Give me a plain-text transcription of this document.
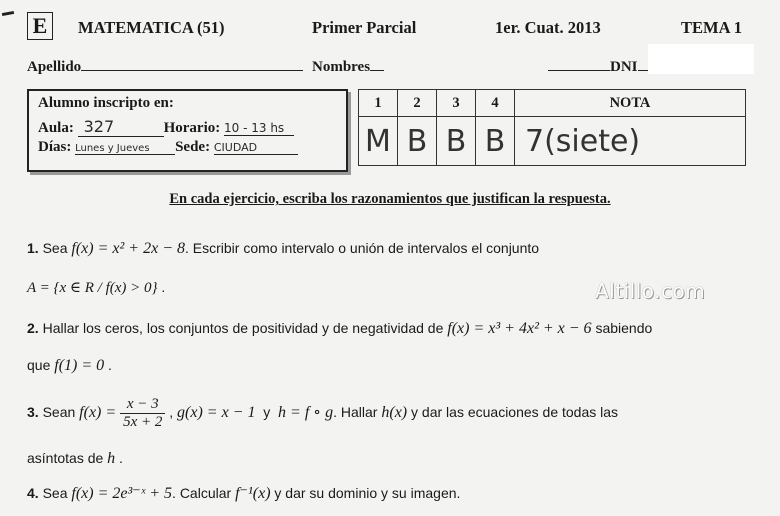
E	MATEMATICA (51)	Primer Parcial	1er. Cuat. 2013	TEMA 1
Apellido	Nombres	DNI
Alumno inscripto en:
Aula: 327	Horario: 10 - 13 hs
Días: Lunes y Jueves Sede: CIUDAD
1	2	3	4	NOTA
M	B	B	B	7(siete)
En cada ejercicio, escriba los razonamientos que justifican la respuesta.
1. Sea f(x) = x² + 2x − 8. Escribir como intervalo o unión de intervalos el conjunto
A = {x ∈ R / f(x) > 0} .
2. Hallar los ceros, los conjuntos de positividad y de negatividad de f(x) = x³ + 4x² + x − 6 sabiendo
que f(1) = 0 .
3. Sean $f(x) = \frac{x - 3}{5x + 2}$ , g(x) = x − 1 y h = f ∘ g. Hallar h(x) y dar las ecuaciones de todas las
asíntotas de h .
4. Sea f(x) = 2e³⁻ˣ + 5. Calcular f⁻¹(x) y dar su dominio y su imagen.
Altillo.com
